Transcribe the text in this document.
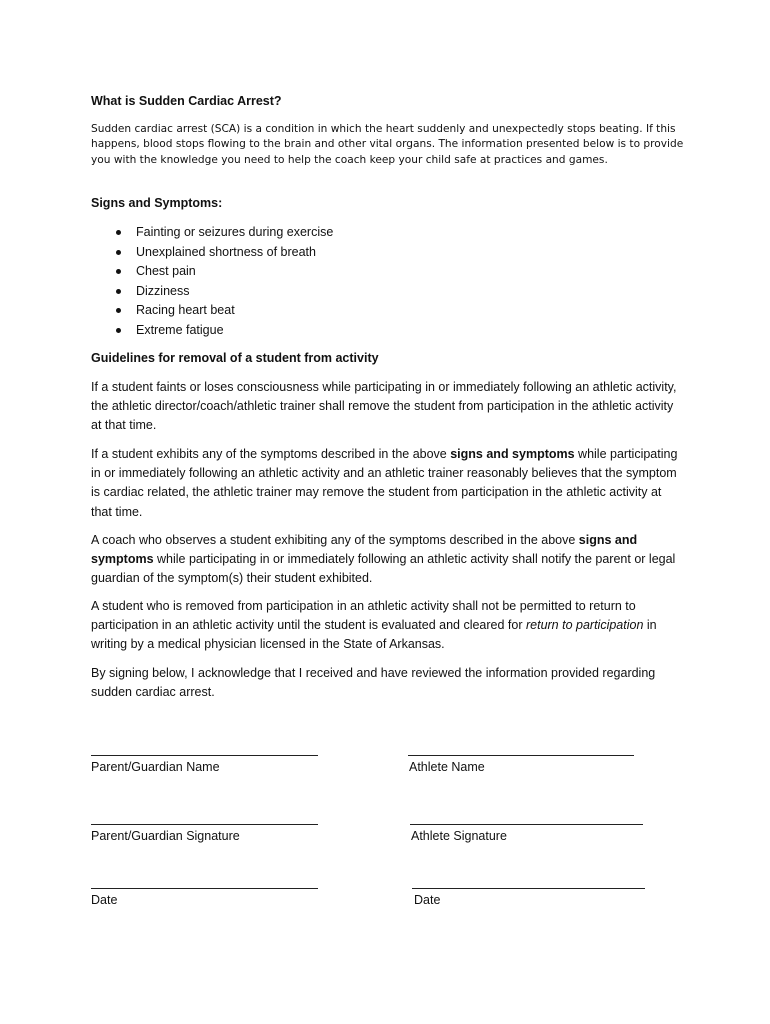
What is Sudden Cardiac Arrest?
Sudden cardiac arrest (SCA) is a condition in which the heart suddenly and unexpectedly stops beating. If this happens, blood stops flowing to the brain and other vital organs. The information presented below is to provide you with the knowledge you need to help the coach keep your child safe at practices and games.
Signs and Symptoms:
Fainting or seizures during exercise
Unexplained shortness of breath
Chest pain
Dizziness
Racing heart beat
Extreme fatigue
Guidelines for removal of a student from activity
If a student faints or loses consciousness while participating in or immediately following an athletic activity, the athletic director/coach/athletic trainer shall remove the student from participation in the athletic activity at that time.
If a student exhibits any of the symptoms described in the above signs and symptoms while participating in or immediately following an athletic activity and an athletic trainer reasonably believes that the symptom is cardiac related, the athletic trainer may remove the student from participation in the athletic activity at that time.
A coach who observes a student exhibiting any of the symptoms described in the above signs and symptoms while participating in or immediately following an athletic activity shall notify the parent or legal guardian of the symptom(s) their student exhibited.
A student who is removed from participation in an athletic activity shall not be permitted to return to participation in an athletic activity until the student is evaluated and cleared for return to participation in writing by a medical physician licensed in the State of Arkansas.
By signing below, I acknowledge that I received and have reviewed the information provided regarding sudden cardiac arrest.
Parent/Guardian Name	Athlete Name
Parent/Guardian Signature	Athlete Signature
Date	Date
